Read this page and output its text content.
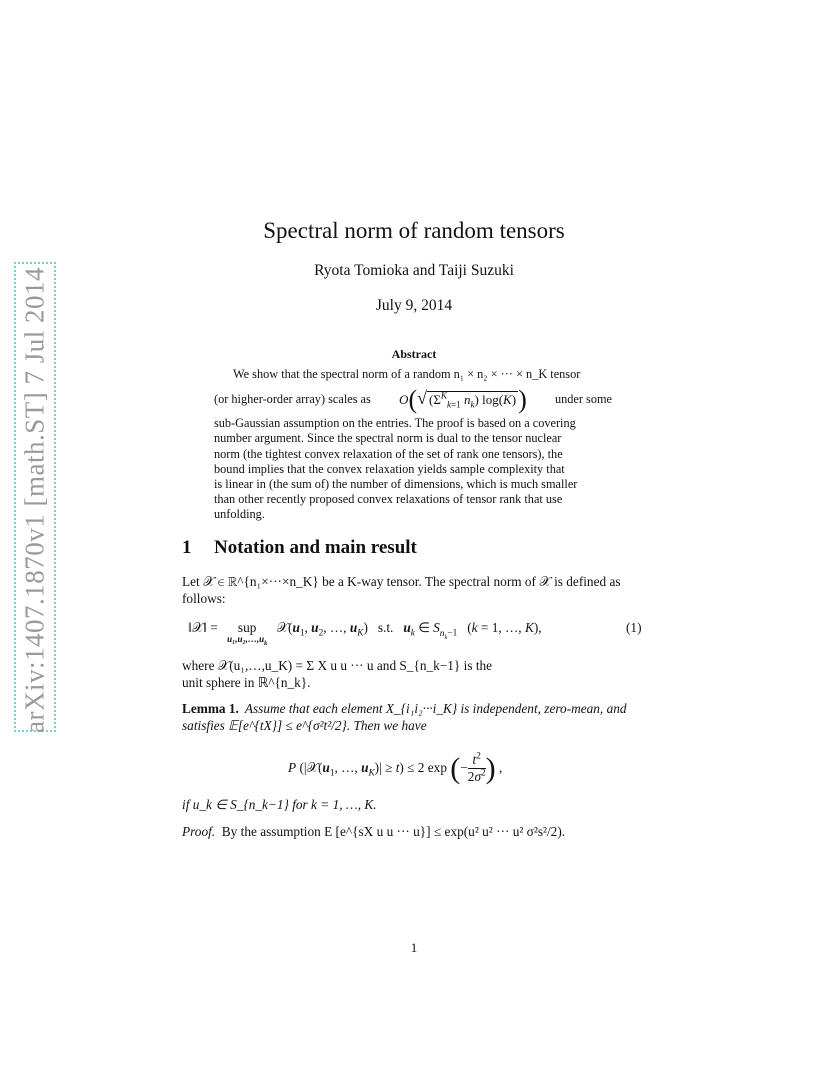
arXiv:1407.1870v1 [math.ST] 7 Jul 2014
Spectral norm of random tensors
Ryota Tomioka and Taiji Suzuki
July 9, 2014
Abstract
We show that the spectral norm of a random n₁ × n₂ × ··· × n_K tensor
(or higher-order array) scales as O(√ ($\Sigma^K_{k=1}$ $n_k$) log(K)) under some
sub-Gaussian assumption on the entries. The proof is based on a covering
number argument. Since the spectral norm is dual to the tensor nuclear
norm (the tightest convex relaxation of the set of rank one tensors), the
bound implies that the convex relaxation yields sample complexity that
is linear in (the sum of) the number of dimensions, which is much smaller
than other recently proposed convex relaxations of tensor rank that use
unfolding.
1 Notation and main result
Let 𝒳 ∈ ℝ^{n₁×···×n_K} be a K-way tensor. The spectral norm of 𝒳 is defined as
follows:
‖𝒳‖ =	sup
$u_1,u_2,\dots,u_k$
$𝒳(u_1$, $u_2$, …, $u_K$)   s.t.   $u_k$ ∈ $S_{n_k-1}$   (k = 1, …, K),	(1)
where 𝒳(u₁,…,u_K) = Σ X u u ··· u and S_{n_k−1} is the
unit sphere in ℝ^{n_k}.
Lemma 1. Assume that each element X_{i₁i₂···i_K} is independent, zero-mean, and
satisfies 𝔼[e^{tX}] ≤ e^{σ²t²/2}. Then we have
P ($|𝒳(u_1$, …, $u_K)| \ge t) \le 2$ exp (− $\frac{t^2}{2\sigma^2}$ ) ,
if u_k ∈ S_{n_k−1} for k = 1, …, K.
Proof. By the assumption E [e^{sX u u ··· u}] ≤ exp(u² u² ··· u² σ²s²/2).
1
